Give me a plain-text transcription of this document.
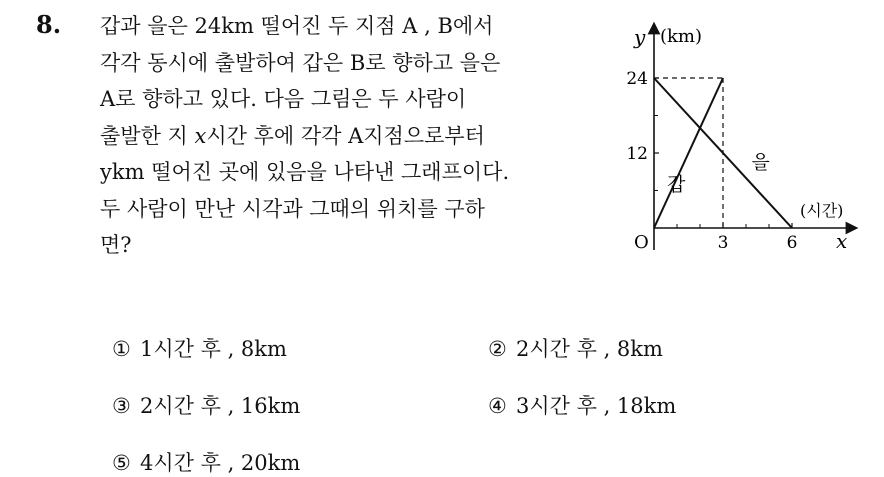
8. 갑과 을은 24km 떨어진 두 지점 A , B에서
각각 동시에 출발하여 갑은 B로 향하고 을은
A로 향하고 있다. 다음 그림은 두 사람이
출발한 지 x시간 후에 각각 A지점으로부터
ykm 떨어진 곳에 있음을 나타낸 그래프이다.
두 사람이 만난 시각과 그때의 위치를 구하
면?	3	6
12
24
갑
을
y (km)
(시간)
x
O
① 1시간 후 , 8km	② 2시간 후 , 8km
③ 2시간 후 , 16km	④ 3시간 후 , 18km
⑤ 4시간 후 , 20km
